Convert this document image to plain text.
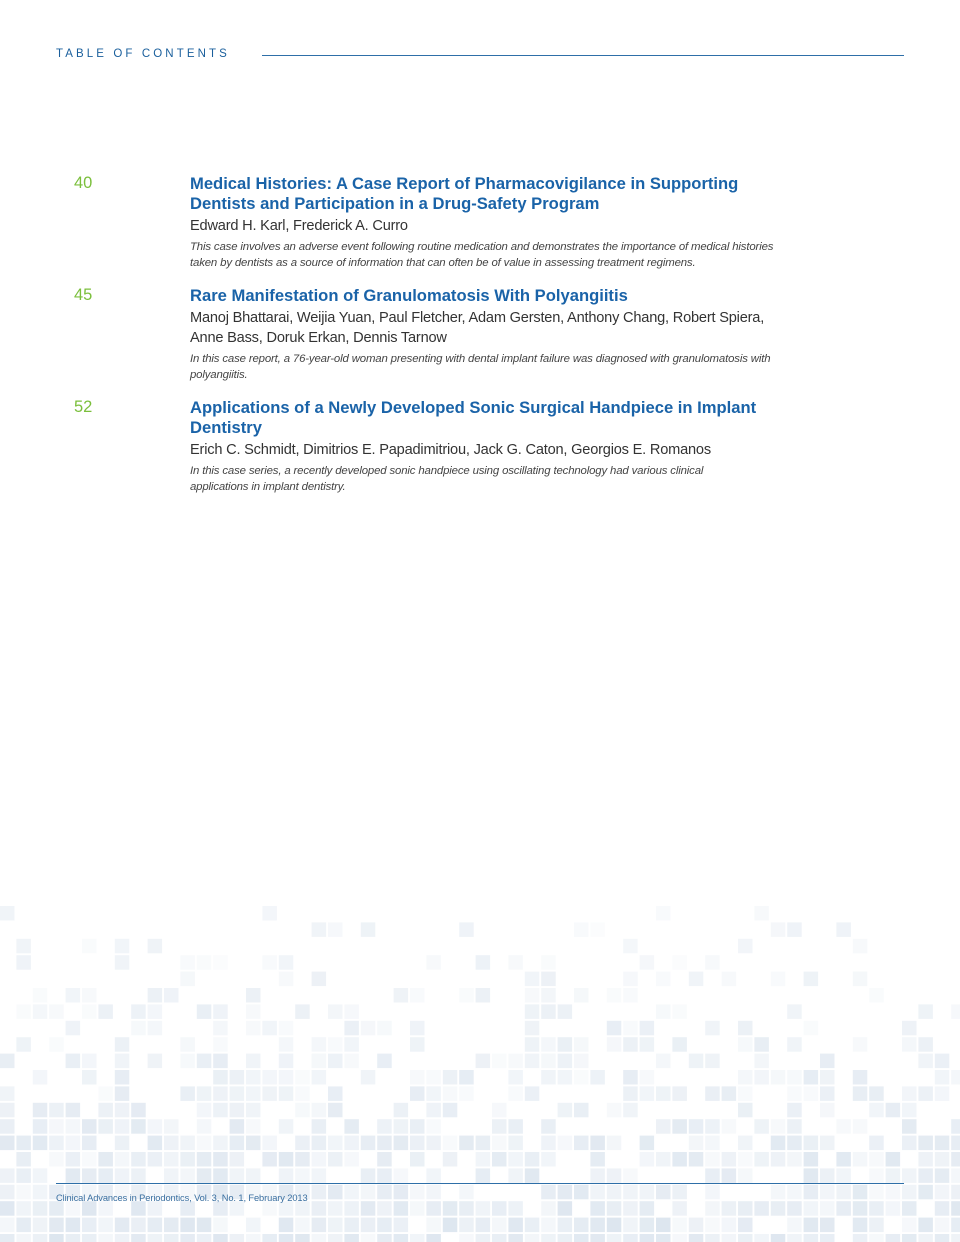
TABLE OF CONTENTS
40	Medical Histories: A Case Report of Pharmacovigilance in Supporting Dentists and Participation in a Drug-Safety Program

Edward H. Karl, Frederick A. Curro

This case involves an adverse event following routine medication and demonstrates the importance of medical histories taken by dentists as a source of information that can often be of value in assessing treatment regimens.

45	Rare Manifestation of Granulomatosis With Polyangiitis

Manoj Bhattarai, Weijia Yuan, Paul Fletcher, Adam Gersten, Anthony Chang, Robert Spiera, Anne Bass, Doruk Erkan, Dennis Tarnow

In this case report, a 76-year-old woman presenting with dental implant failure was diagnosed with granulomatosis with polyangiitis.

52	Applications of a Newly Developed Sonic Surgical Handpiece in Implant Dentistry

Erich C. Schmidt, Dimitrios E. Papadimitriou, Jack G. Caton, Georgios E. Romanos

In this case series, a recently developed sonic handpiece using oscillating technology had various clinical applications in implant dentistry.

Clinical Advances in Periodontics, Vol. 3, No. 1, February 2013
